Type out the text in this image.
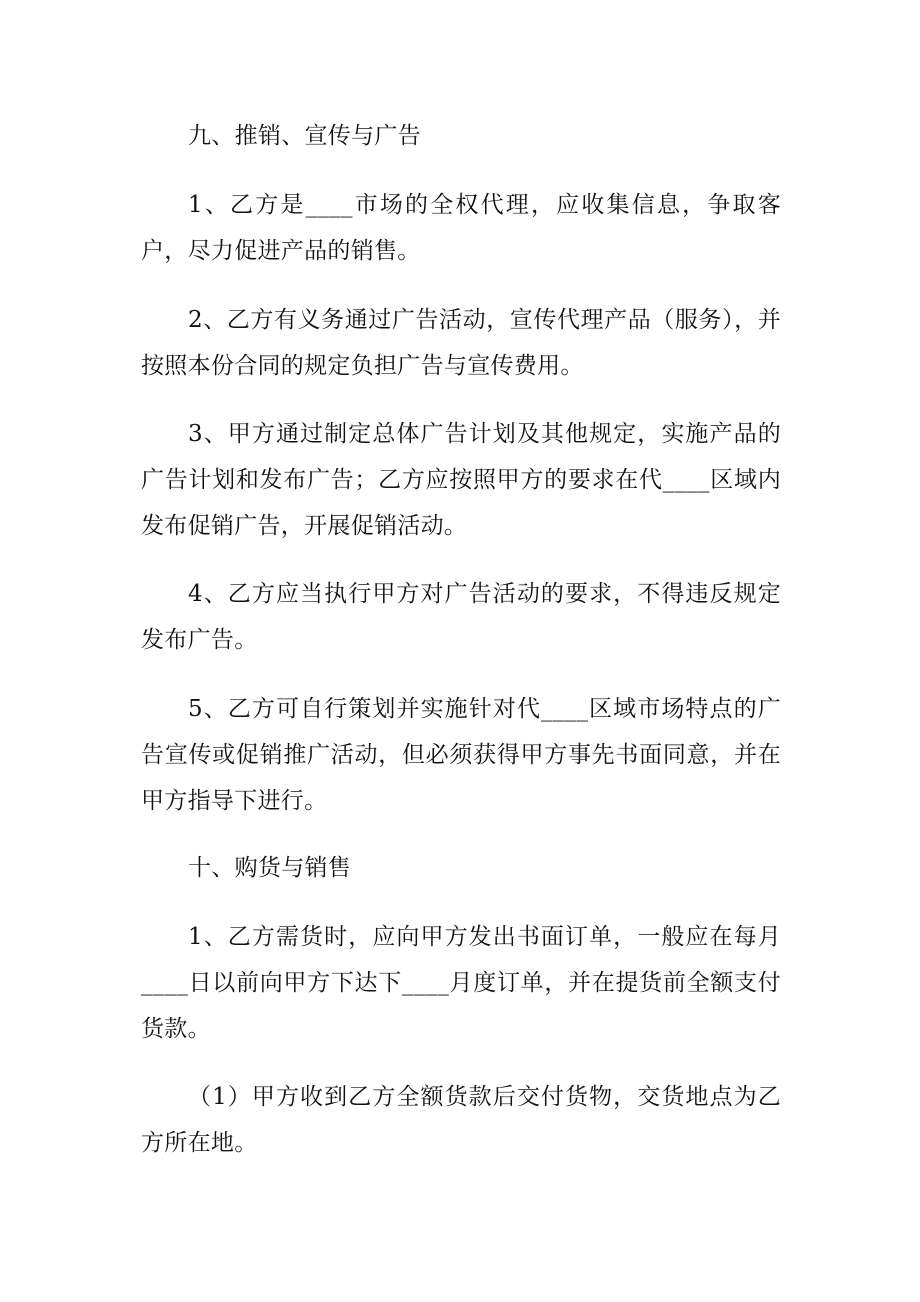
九、推销、宣传与广告

1、乙方是____市场的全权代理，应收集信息，争取客户，尽力促进产品的销售。

2、乙方有义务通过广告活动，宣传代理产品（服务），并按照本份合同的规定负担广告与宣传费用。

3、甲方通过制定总体广告计划及其他规定，实施产品的广告计划和发布广告；乙方应按照甲方的要求在代____区域内发布促销广告，开展促销活动。

4、乙方应当执行甲方对广告活动的要求，不得违反规定发布广告。

5、乙方可自行策划并实施针对代____区域市场特点的广告宣传或促销推广活动，但必须获得甲方事先书面同意，并在甲方指导下进行。

十、购货与销售

1、乙方需货时，应向甲方发出书面订单，一般应在每月____日以前向甲方下达下____月度订单，并在提货前全额支付货款。

（1）甲方收到乙方全额货款后交付货物，交货地点为乙方所在地。
